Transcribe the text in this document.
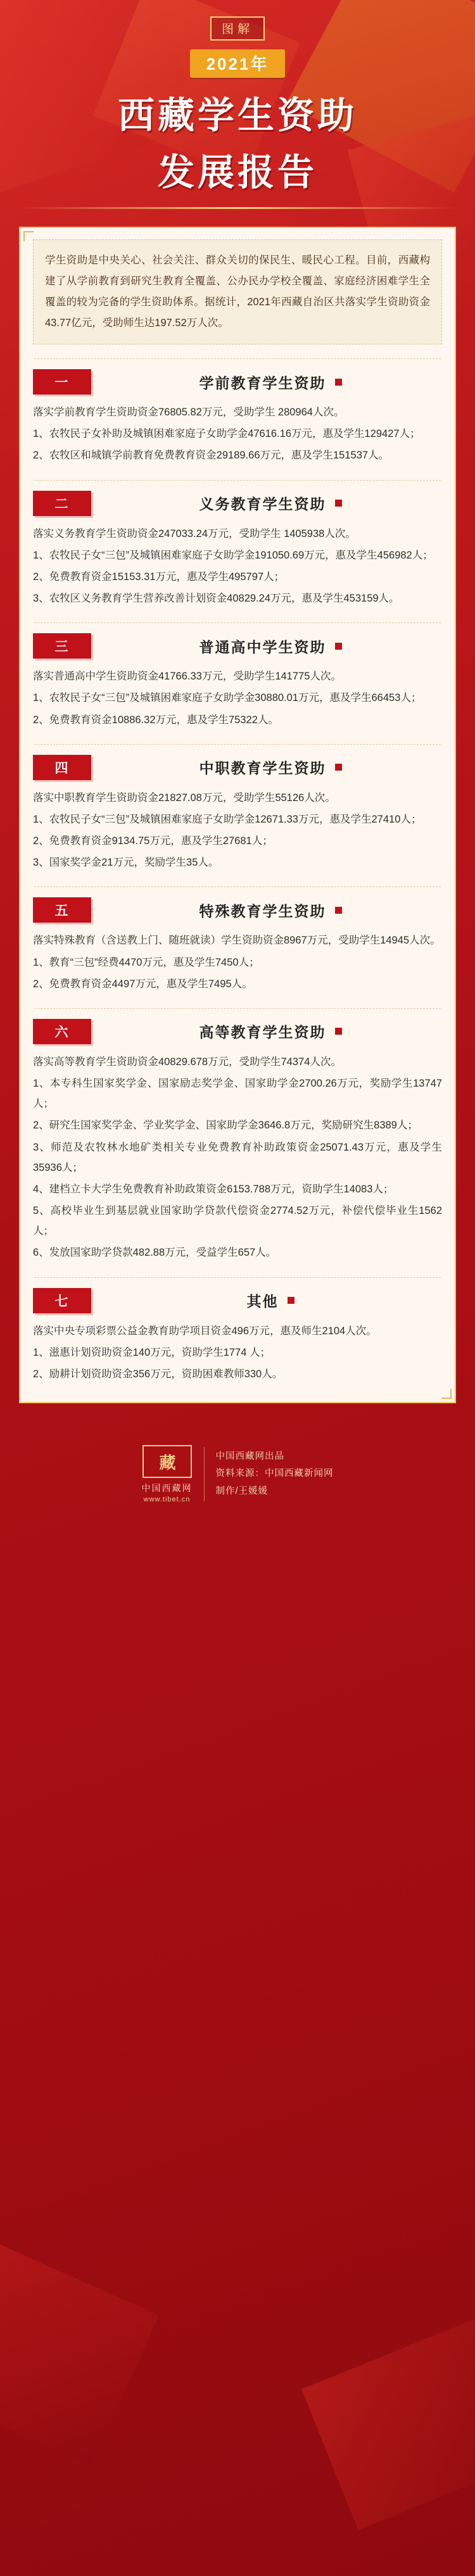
图解
2021年
西藏学生资助
发展报告
学生资助是中央关心、社会关注、群众关切的保民生、暖民心工程。目前，西藏构建了从学前教育到研究生教育全覆盖、公办民办学校全覆盖、家庭经济困难学生全覆盖的较为完备的学生资助体系。据统计，2021年西藏自治区共落实学生资助资金43.77亿元，受助师生达197.52万人次。
一	学前教育学生资助

落实学前教育学生资助资金76805.82万元，受助学生 280964人次。

1、农牧民子女补助及城镇困难家庭子女助学金47616.16万元，惠及学生129427人；

2、农牧区和城镇学前教育免费教育资金29189.66万元，惠及学生151537人。

二	义务教育学生资助

落实义务教育学生资助资金247033.24万元，受助学生 1405938人次。

1、农牧民子女“三包”及城镇困难家庭子女助学金191050.69万元，惠及学生456982人；

2、免费教育资金15153.31万元，惠及学生495797人；

3、农牧区义务教育学生营养改善计划资金40829.24万元，惠及学生453159人。

三	普通高中学生资助

落实普通高中学生资助资金41766.33万元，受助学生141775人次。

1、农牧民子女“三包”及城镇困难家庭子女助学金30880.01万元，惠及学生66453人；

2、免费教育资金10886.32万元，惠及学生75322人。

四	中职教育学生资助

落实中职教育学生资助资金21827.08万元，受助学生55126人次。

1、农牧民子女“三包”及城镇困难家庭子女助学金12671.33万元，惠及学生27410人；

2、免费教育资金9134.75万元，惠及学生27681人；

3、国家奖学金21万元，奖励学生35人。

五	特殊教育学生资助

落实特殊教育（含送教上门、随班就读）学生资助资金8967万元，受助学生14945人次。

1、教育“三包”经费4470万元，惠及学生7450人；

2、免费教育资金4497万元，惠及学生7495人。

六	高等教育学生资助

落实高等教育学生资助资金40829.678万元，受助学生74374人次。

1、本专科生国家奖学金、国家励志奖学金、国家助学金2700.26万元，奖励学生13747人；

2、研究生国家奖学金、学业奖学金、国家助学金3646.8万元，奖励研究生8389人；

3、师范及农牧林水地矿类相关专业免费教育补助政策资金25071.43万元，惠及学生35936人；

4、建档立卡大学生免费教育补助政策资金6153.788万元，资助学生14083人；

5、高校毕业生到基层就业国家助学贷款代偿资金2774.52万元，补偿代偿毕业生1562人；

6、发放国家助学贷款482.88万元，受益学生657人。

七	其他

落实中央专项彩票公益金教育助学项目资金496万元，惠及师生2104人次。

1、滋惠计划资助资金140万元，资助学生1774 人；

2、励耕计划资助资金356万元，资助困难教师330人。

藏
中国西藏网
www.tibet.cn
中国西藏网出品
资料来源：中国西藏新闻网
制作/王媛媛
